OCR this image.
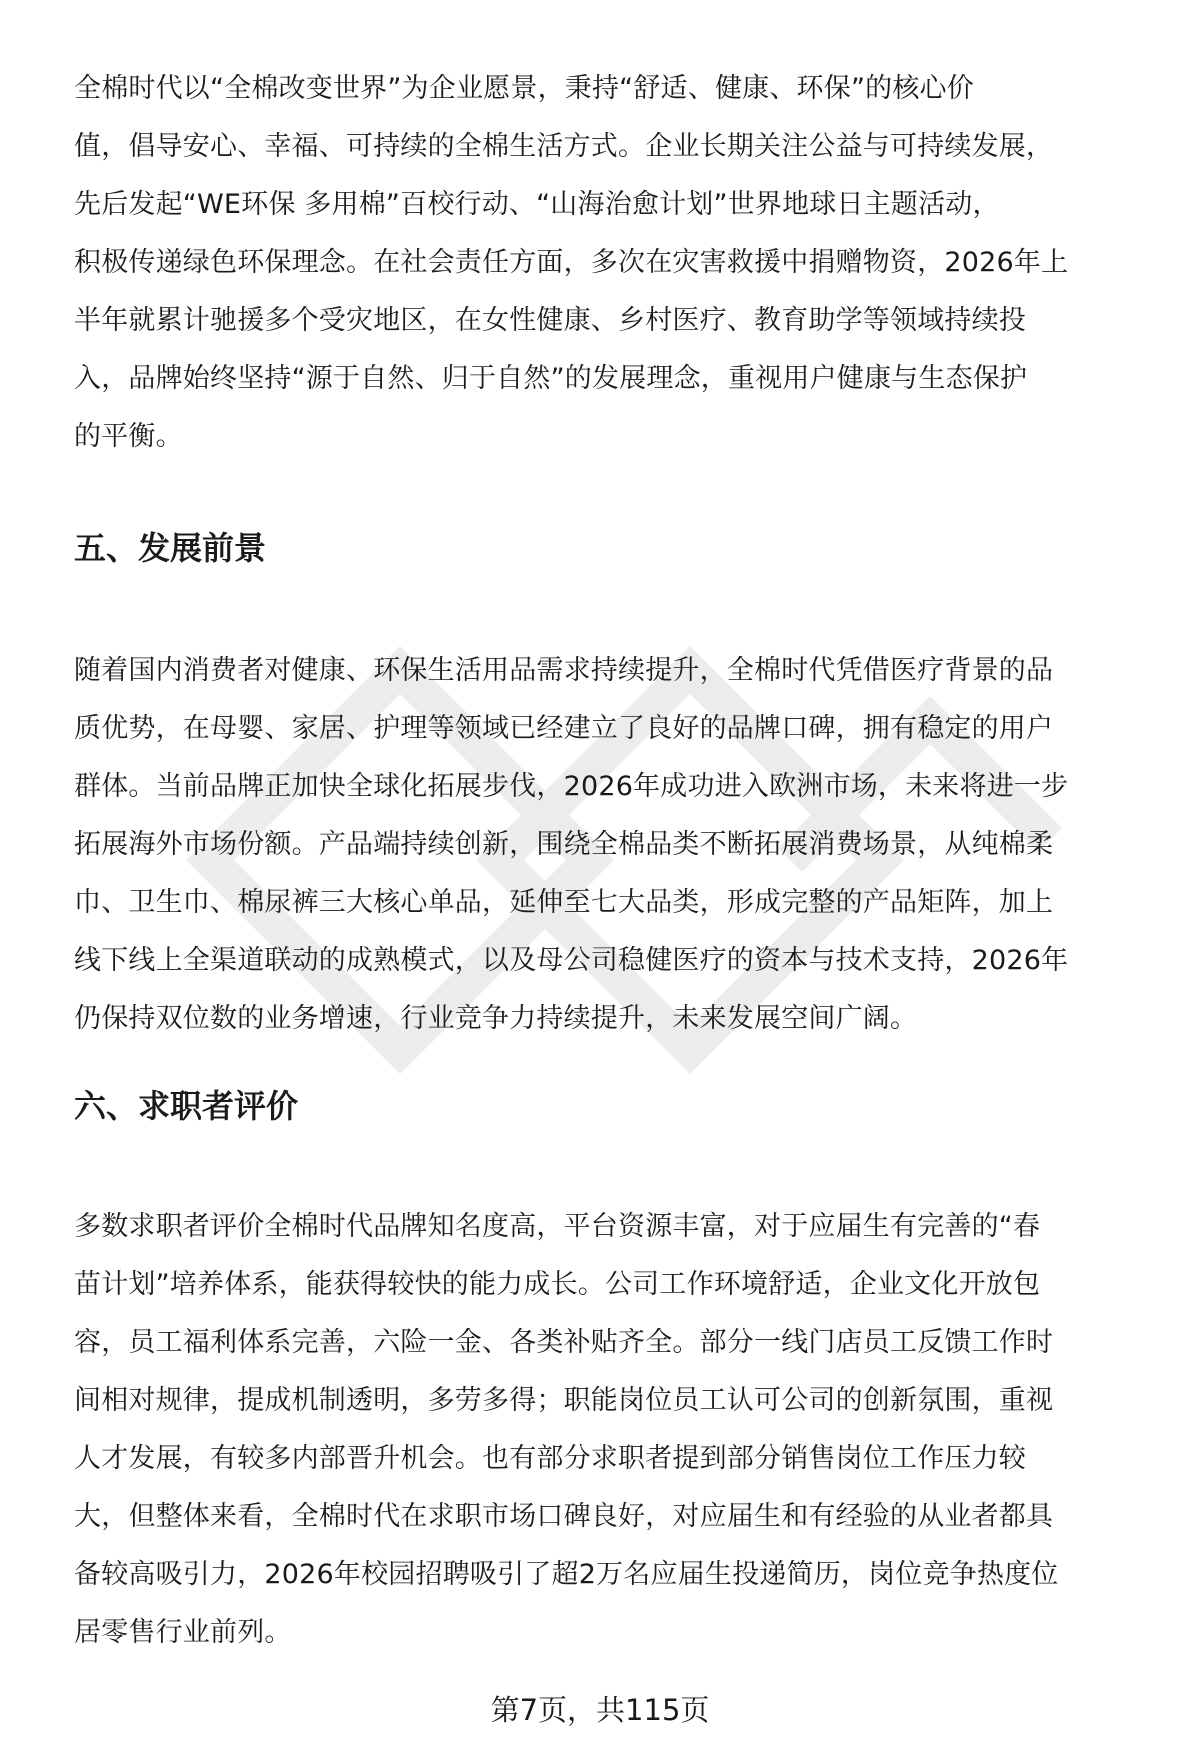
全棉时代以“全棉改变世界”为企业愿景，秉持“舒适、健康、环保”的核心价
值，倡导安心、幸福、可持续的全棉生活方式。企业长期关注公益与可持续发展，
先后发起“WE环保 多用棉”百校行动、“山海治愈计划”世界地球日主题活动，
积极传递绿色环保理念。在社会责任方面，多次在灾害救援中捐赠物资，2026年上
半年就累计驰援多个受灾地区，在女性健康、乡村医疗、教育助学等领域持续投
入，品牌始终坚持“源于自然、归于自然”的发展理念，重视用户健康与生态保护
的平衡。
五、发展前景
随着国内消费者对健康、环保生活用品需求持续提升，全棉时代凭借医疗背景的品
质优势，在母婴、家居、护理等领域已经建立了良好的品牌口碑，拥有稳定的用户
群体。当前品牌正加快全球化拓展步伐，2026年成功进入欧洲市场，未来将进一步
拓展海外市场份额。产品端持续创新，围绕全棉品类不断拓展消费场景，从纯棉柔
巾、卫生巾、棉尿裤三大核心单品，延伸至七大品类，形成完整的产品矩阵，加上
线下线上全渠道联动的成熟模式，以及母公司稳健医疗的资本与技术支持，2026年
仍保持双位数的业务增速，行业竞争力持续提升，未来发展空间广阔。
六、求职者评价
多数求职者评价全棉时代品牌知名度高，平台资源丰富，对于应届生有完善的“春
苗计划”培养体系，能获得较快的能力成长。公司工作环境舒适，企业文化开放包
容，员工福利体系完善，六险一金、各类补贴齐全。部分一线门店员工反馈工作时
间相对规律，提成机制透明，多劳多得；职能岗位员工认可公司的创新氛围，重视
人才发展，有较多内部晋升机会。也有部分求职者提到部分销售岗位工作压力较
大，但整体来看，全棉时代在求职市场口碑良好，对应届生和有经验的从业者都具
备较高吸引力，2026年校园招聘吸引了超2万名应届生投递简历，岗位竞争热度位
居零售行业前列。
第7页，共115页
